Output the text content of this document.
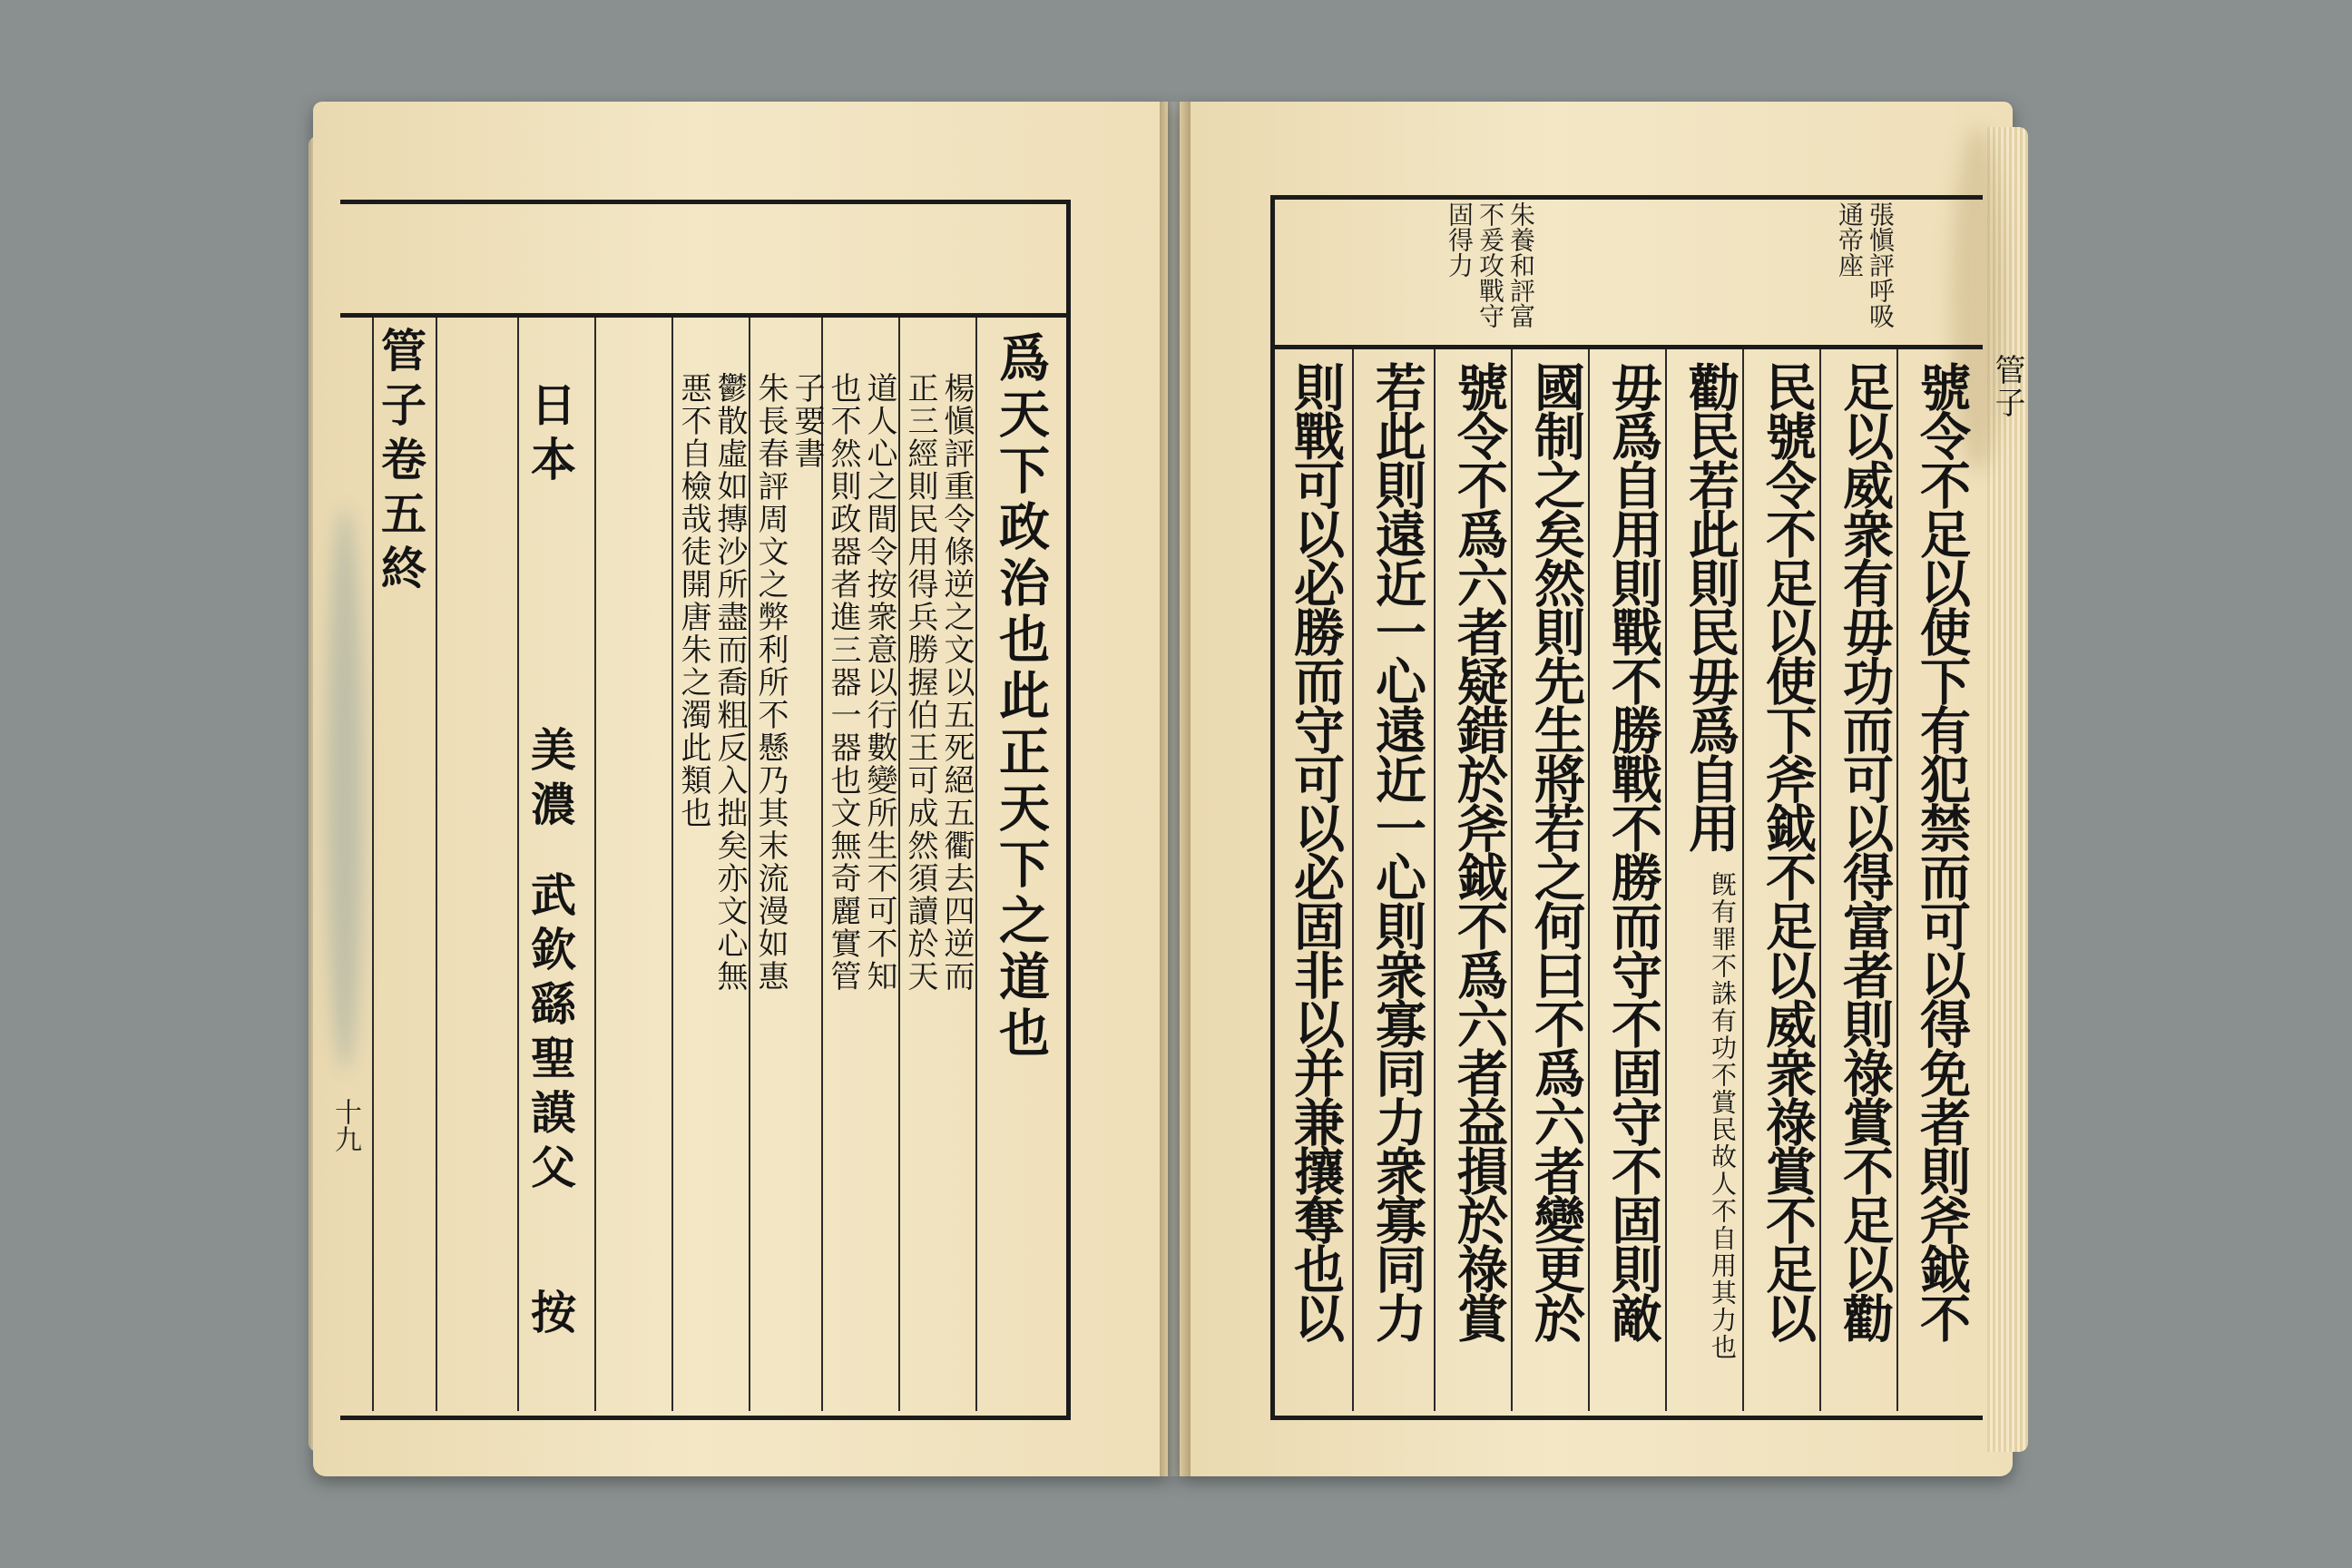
爲天下政治也此正天下之道也
楊愼評重令條逆之文以五死絕五衢去四逆而
正三經則民用得兵勝握伯王可成然須讀於天
道人心之間令按衆意以行數變所生不可不知
也不然則政器者進三器一器也文無奇麗實管
子要書
朱長春評周文之弊利所不懸乃其末流漫如惠
鬱散虛如摶沙所盡而喬粗反入拙矣亦文心無
悪不自檢哉徒開唐朱之濁此類也
日本
美濃
武欽繇聖謨父
按
管子卷五終
十九
張愼評呼吸
通帝座
朱養和評富
不爰攻戰守
固得力
號令不足以使下有犯禁而可以得免者則斧鉞不
足以威衆有毋功而可以得富者則祿賞不足以勸
民號令不足以使下斧鉞不足以威衆祿賞不足以
勸民若此則民毋爲自用
旣有罪不誅有功不賞民故人不自用其力也
毋爲自用則戰不勝戰不勝而守不固守不固則敵
國制之矣然則先生將若之何曰不爲六者變更於
號令不爲六者疑錯於斧鉞不爲六者益損於祿賞
若此則遠近一心遠近一心則衆寡同力衆寡同力
則戰可以必勝而守可以必固非以并兼攘奪也以	管子
